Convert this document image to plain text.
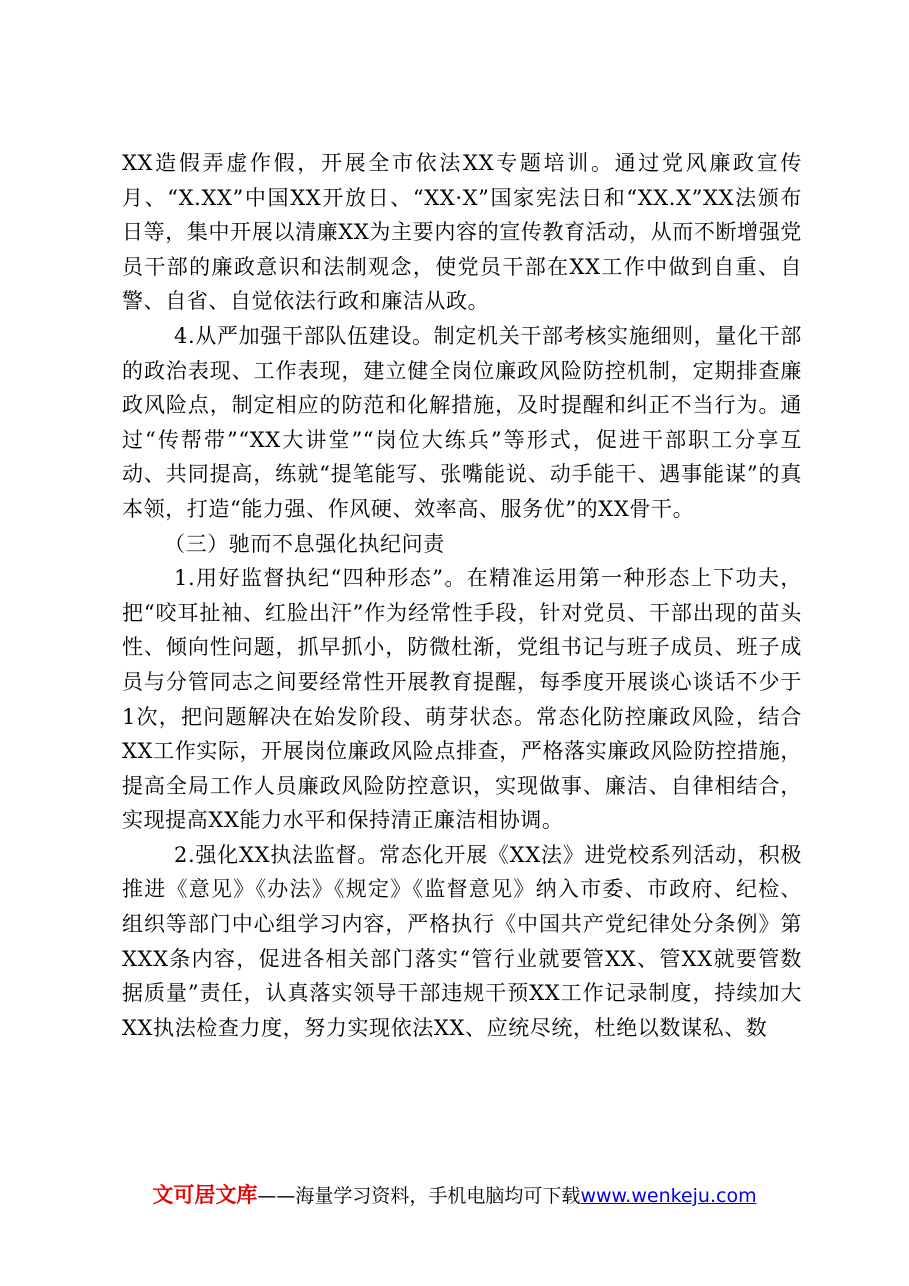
XX造假弄虚作假，开展全市依法XX专题培训。通过党风廉政宣传月、“X.XX”中国XX开放日、“XX·X”国家宪法日和“XX.X”XX法颁布日等，集中开展以清廉XX为主要内容的宣传教育活动，从而不断增强党员干部的廉政意识和法制观念，使党员干部在XX工作中做到自重、自警、自省、自觉依法行政和廉洁从政。

4.从严加强干部队伍建设。制定机关干部考核实施细则，量化干部的政治表现、工作表现，建立健全岗位廉政风险防控机制，定期排查廉政风险点，制定相应的防范和化解措施，及时提醒和纠正不当行为。通过“传帮带”“XX大讲堂”“岗位大练兵”等形式，促进干部职工分享互动、共同提高，练就“提笔能写、张嘴能说、动手能干、遇事能谋”的真本领，打造“能力强、作风硬、效率高、服务优”的XX骨干。

（三）驰而不息强化执纪问责

1.用好监督执纪“四种形态”。在精准运用第一种形态上下功夫，把“咬耳扯袖、红脸出汗”作为经常性手段，针对党员、干部出现的苗头性、倾向性问题，抓早抓小，防微杜渐，党组书记与班子成员、班子成员与分管同志之间要经常性开展教育提醒，每季度开展谈心谈话不少于1次，把问题解决在始发阶段、萌芽状态。常态化防控廉政风险，结合XX工作实际，开展岗位廉政风险点排查，严格落实廉政风险防控措施，提高全局工作人员廉政风险防控意识，实现做事、廉洁、自律相结合，实现提高XX能力水平和保持清正廉洁相协调。

2.强化XX执法监督。常态化开展《XX法》进党校系列活动，积极推进《意见》《办法》《规定》《监督意见》纳入市委、市政府、纪检、组织等部门中心组学习内容，严格执行《中国共产党纪律处分条例》第XXX条内容，促进各相关部门落实“管行业就要管XX、管XX就要管数据质量”责任，认真落实领导干部违规干预XX工作记录制度，持续加大XX执法检查力度，努力实现依法XX、应统尽统，杜绝以数谋私、数

文可居文库——海量学习资料，手机电脑均可下载www.wenkeju.com
